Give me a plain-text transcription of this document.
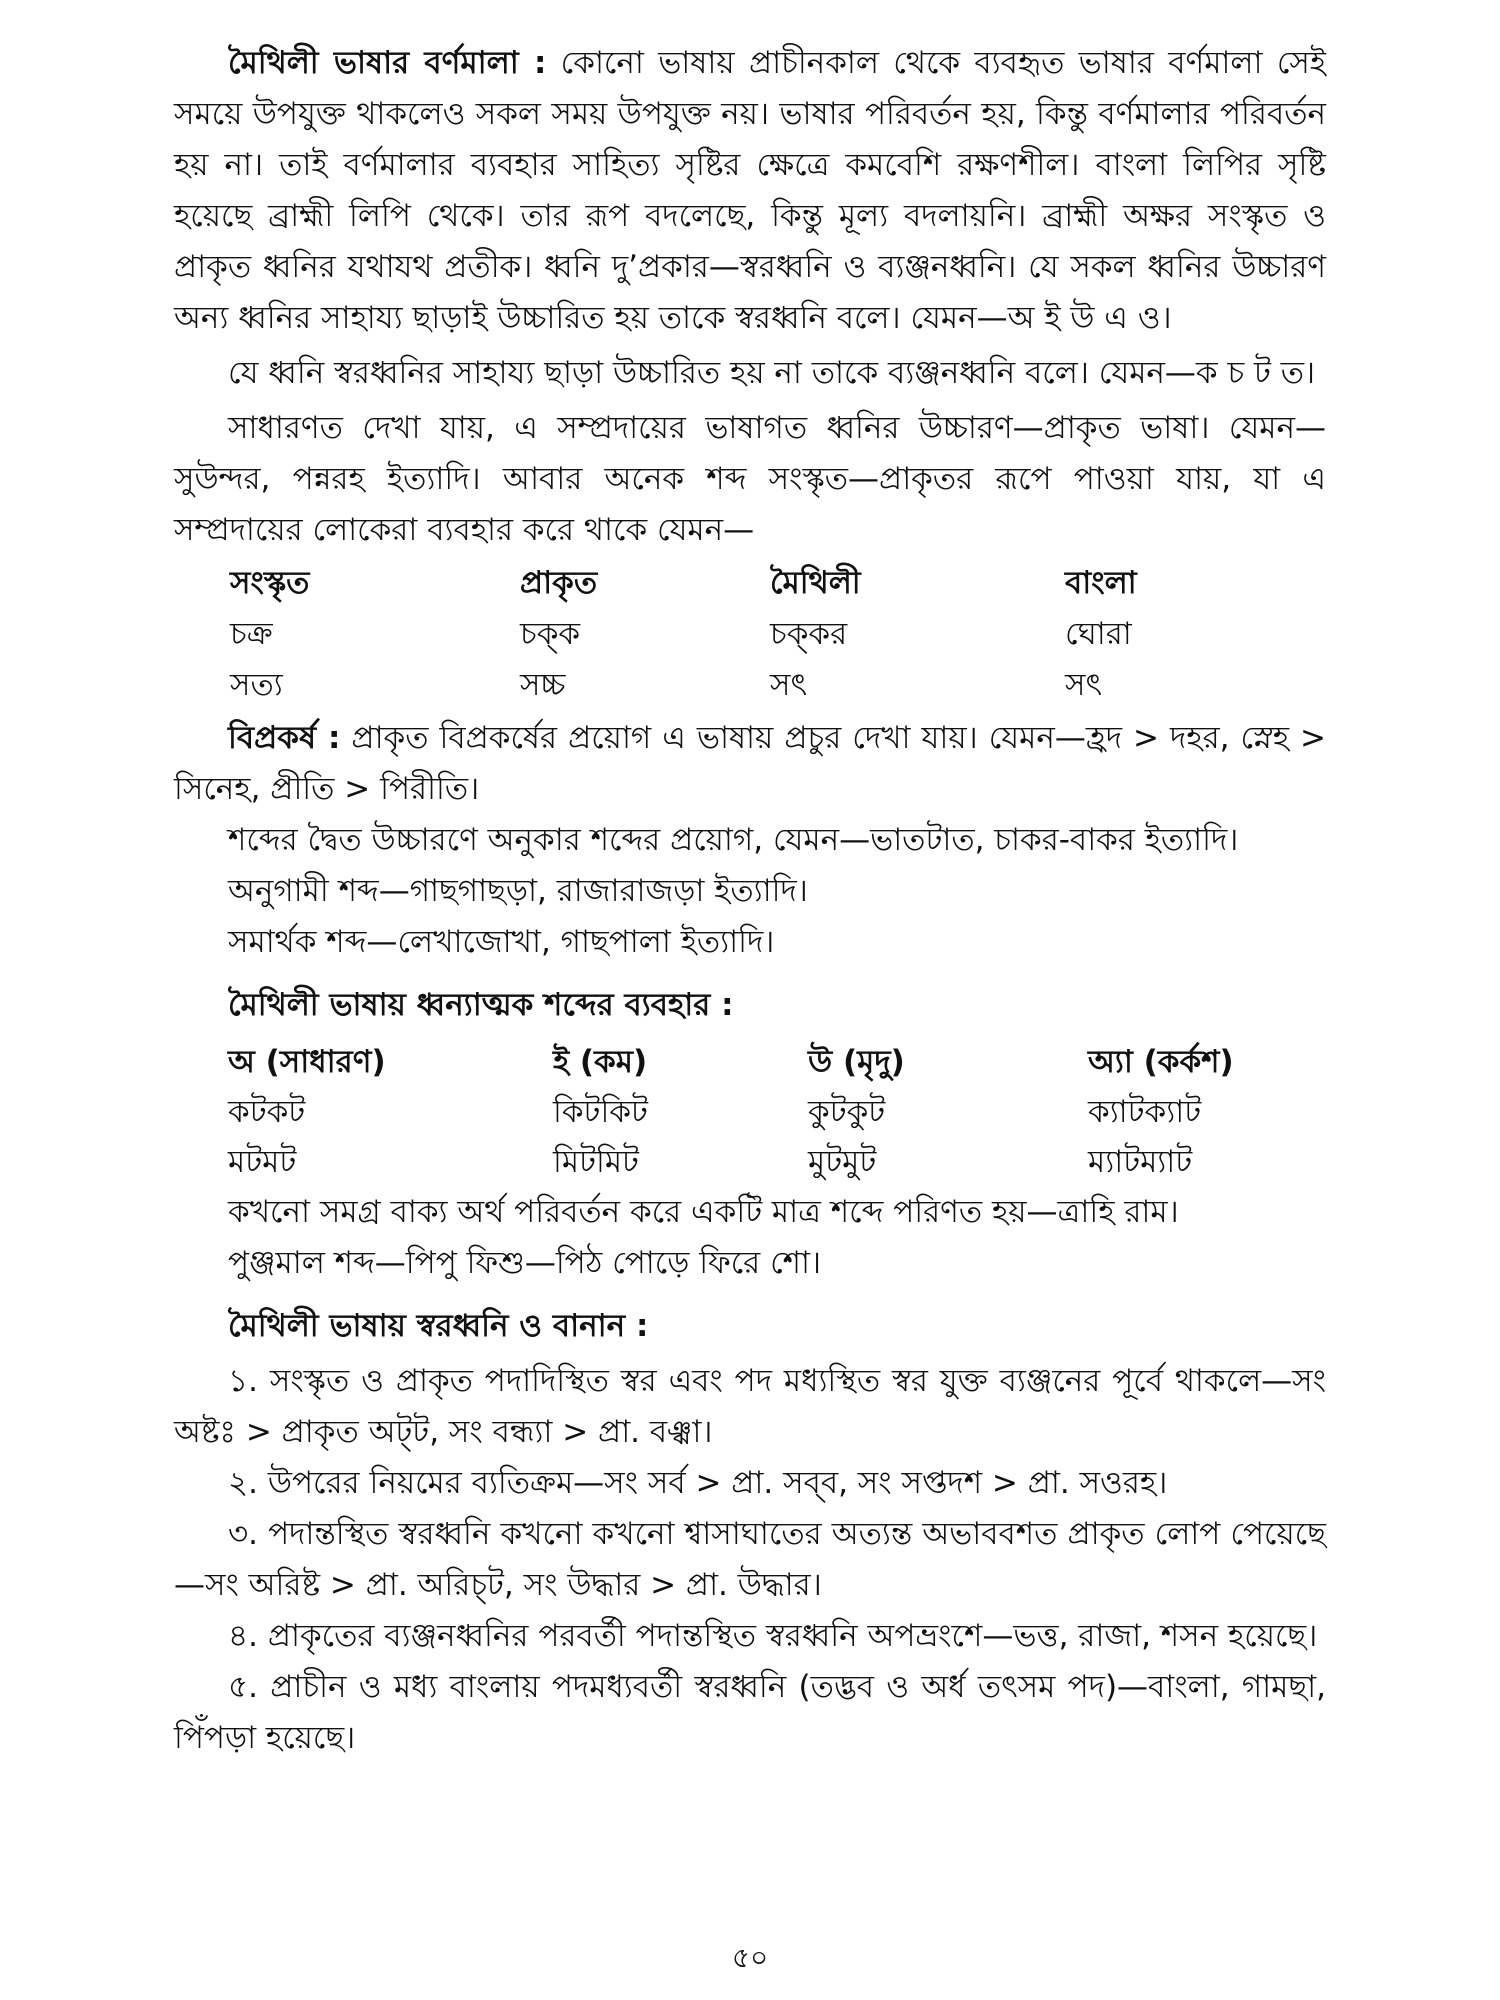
মৈথিলী ভাষার বর্ণমালা : কোনো ভাষায় প্রাচীনকাল থেকে ব্যবহৃত ভাষার বর্ণমালা সেই সময়ে উপযুক্ত থাকলেও সকল সময় উপযুক্ত নয়। ভাষার পরিবর্তন হয়, কিন্তু বর্ণমালার পরিবর্তন হয় না। তাই বর্ণমালার ব্যবহার সাহিত্য সৃষ্টির ক্ষেত্রে কমবেশি রক্ষণশীল। বাংলা লিপির সৃষ্টি হয়েছে ব্রাহ্মী লিপি থেকে। তার রূপ বদলেছে, কিন্তু মূল্য বদলায়নি। ব্রাহ্মী অক্ষর সংস্কৃত ও প্রাকৃত ধ্বনির যথাযথ প্রতীক। ধ্বনি দু’প্রকার—স্বরধ্বনি ও ব্যঞ্জনধ্বনি। যে সকল ধ্বনির উচ্চারণ অন্য ধ্বনির সাহায্য ছাড়াই উচ্চারিত হয় তাকে স্বরধ্বনি বলে। যেমন—অ ই উ এ ও।

যে ধ্বনি স্বরধ্বনির সাহায্য ছাড়া উচ্চারিত হয় না তাকে ব্যঞ্জনধ্বনি বলে। যেমন—ক চ ট ত।

সাধারণত দেখা যায়, এ সম্প্রদায়ের ভাষাগত ধ্বনির উচ্চারণ—প্রাকৃত ভাষা। যেমন—সুউন্দর, পন্নরহ ইত্যাদি। আবার অনেক শব্দ সংস্কৃত—প্রাকৃতর রূপে পাওয়া যায়, যা এ সম্প্রদায়ের লোকেরা ব্যবহার করে থাকে যেমন—

সংস্কৃত	প্রাকৃত	মৈথিলী	বাংলা
চক্র	চক্‌ক	চক্‌কর	ঘোরা
সত্য	সচ্চ	সৎ	সৎ

বিপ্রকর্ষ : প্রাকৃত বিপ্রকর্ষের প্রয়োগ এ ভাষায় প্রচুর দেখা যায়। যেমন—হ্রদ > দহর, স্নেহ > সিনেহ, প্রীতি > পিরীতি।

শব্দের দ্বৈত উচ্চারণে অনুকার শব্দের প্রয়োগ, যেমন—ভাতটাত, চাকর-বাকর ইত্যাদি।

অনুগামী শব্দ—গাছগাছড়া, রাজারাজড়া ইত্যাদি।

সমার্থক শব্দ—লেখাজোখা, গাছপালা ইত্যাদি।

মৈথিলী ভাষায় ধ্বন্যাত্মক শব্দের ব্যবহার :

অ (সাধারণ)	ই (কম)	উ (মৃদু)	অ্যা (কর্কশ)
কটকট	কিটকিট	কুটকুট	ক্যাটক্যাট
মটমট	মিটমিট	মুটমুট	ম্যাটম্যাট

কখনো সমগ্র বাক্য অর্থ পরিবর্তন করে একটি মাত্র শব্দে পরিণত হয়—ত্রাহি রাম।

পুঞ্জমাল শব্দ—পিপু ফিশু—পিঠ পোড়ে ফিরে শো।

মৈথিলী ভাষায় স্বরধ্বনি ও বানান :

১. সংস্কৃত ও প্রাকৃত পদাদিস্থিত স্বর এবং পদ মধ্যস্থিত স্বর যুক্ত ব্যঞ্জনের পূর্বে থাকলে—সং অষ্টঃ > প্রাকৃত অট্‌ট, সং বন্ধ্যা > প্রা. বঞ্ঝা।

২. উপরের নিয়মের ব্যতিক্রম—সং সর্ব > প্রা. সব্‌ব, সং সপ্তদশ > প্রা. সওরহ।

৩. পদান্তস্থিত স্বরধ্বনি কখনো কখনো শ্বাসাঘাতের অত্যন্ত অভাববশত প্রাকৃত লোপ পেয়েছে—সং অরিষ্ট > প্রা. অরিচ্‌ট, সং উদ্ধার > প্রা. উদ্ধার।

৪. প্রাকৃতের ব্যঞ্জনধ্বনির পরবর্তী পদান্তস্থিত স্বরধ্বনি অপভ্রংশে—ভত্ত, রাজা, শসন হয়েছে।

৫. প্রাচীন ও মধ্য বাংলায় পদমধ্যবর্তী স্বরধ্বনি (তদ্ভব ও অর্ধ তৎসম পদ)—বাংলা, গামছা, পিঁপড়া হয়েছে।

৫০
